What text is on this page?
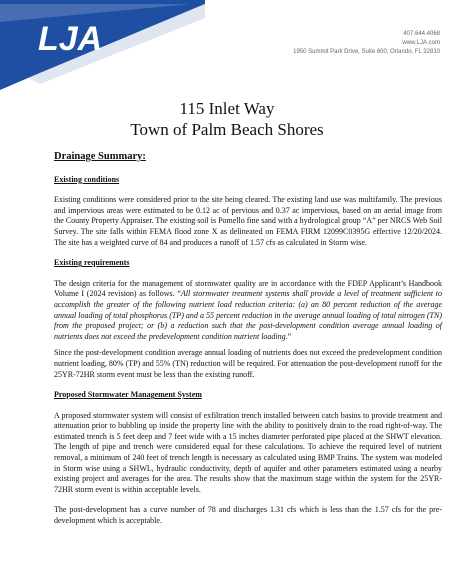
LJA	407.644.4068
www.LJA.com
1950 Summit Park Drive, Suite 600, Orlando, FL 32810
115 Inlet Way
Town of Palm Beach Shores
Drainage Summary:
Existing conditions
Existing conditions were considered prior to the site being cleared. The existing land use was multifamily. The previous and impervious areas were estimated to be 0.12 ac of pervious and 0.37 ac impervious, based on an aerial image from the County Property Appraiser. The existing soil is Pomello fine sand with a hydrological group “A” per NRCS Web Soil Survey. The site falls within FEMA flood zone X as delineated on FEMA FIRM 12099C0395G effective 12/20/2024. The site has a weighted curve of 84 and produces a runoff of 1.57 cfs as calculated in Storm wise.
Existing requirements
The design criteria for the management of stormwater quality are in accordance with the FDEP Applicant’s Handbook Volume I (2024 revision) as follows. “All stormwater treatment systems shall provide a level of treatment sufficient to accomplish the greater of the following nutrient load reduction criteria: (a) an 80 percent reduction of the average annual loading of total phosphorus (TP) and a 55 percent reduction in the average annual loading of total nitrogen (TN) from the proposed project; or (b) a reduction such that the post-development condition average annual loading of nutrients does not exceed the predevelopment condition nutrient loading.”
Since the post-development condition average annual loading of nutrients does not exceed the predevelopment condition nutrient loading, 80% (TP) and 55% (TN) reduction will be required. For attenuation the post-development runoff for the 25YR-72HR storm event must be less than the existing runoff.
Proposed Stormwater Management System
A proposed stormwater system will consist of exfiltration trench installed between catch basins to provide treatment and attenuation prior to bubbling up inside the property line with the ability to positively drain to the road right-of-way. The estimated trench is 5 feet deep and 7 feet wide with a 15 inches diameter perforated pipe placed at the SHWT elevation. The length of pipe and trench were considered equal for these calculations. To achieve the required level of nutrient removal, a minimum of 240 feet of trench length is necessary as calculated using BMP Trains. The system was modeled in Storm wise using a SHWL, hydraulic conductivity, depth of aquifer and other parameters estimated using a nearby existing project and averages for the area. The results show that the maximum stage within the system for the 25YR-72HR storm event is within acceptable levels.
The post-development has a curve number of 78 and discharges 1.31 cfs which is less than the 1.57 cfs for the pre-development which is acceptable.
